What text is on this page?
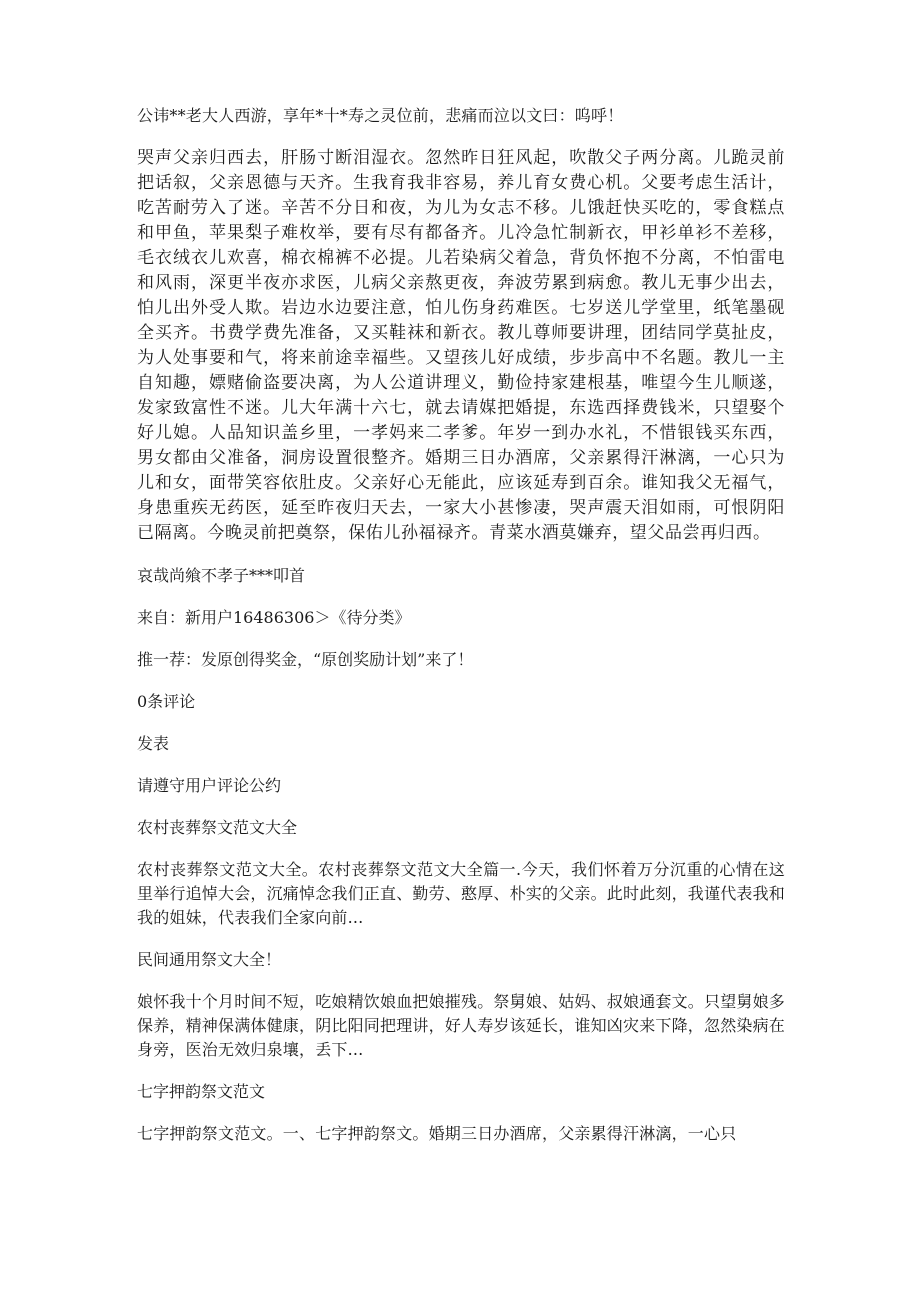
公讳**老大人西游，享年*十*寿之灵位前，悲痛而泣以文曰：呜呼！

哭声父亲归西去，肝肠寸断泪湿衣。忽然昨日狂风起，吹散父子两分离。儿跪灵前把话叙，父亲恩德与天齐。生我育我非容易，养儿育女费心机。父要考虑生活计，吃苦耐劳入了迷。辛苦不分日和夜，为儿为女志不移。儿饿赶快买吃的，零食糕点和甲鱼，苹果梨子难枚举，要有尽有都备齐。儿冷急忙制新衣，甲衫单衫不差移，毛衣绒衣儿欢喜，棉衣棉裤不必提。儿若染病父着急，背负怀抱不分离，不怕雷电和风雨，深更半夜亦求医，儿病父亲熬更夜，奔波劳累到病愈。教儿无事少出去，怕儿出外受人欺。岩边水边要注意，怕儿伤身药难医。七岁送儿学堂里，纸笔墨砚全买齐。书费学费先准备，又买鞋袜和新衣。教儿尊师要讲理，团结同学莫扯皮，为人处事要和气，将来前途幸福些。又望孩儿好成绩，步步高中不名题。教儿一主自知趣，嫖赌偷盗要决离，为人公道讲理义，勤俭持家建根基，唯望今生儿顺遂，发家致富性不迷。儿大年满十六七，就去请媒把婚提，东选西择费钱米，只望娶个好儿媳。人品知识盖乡里，一孝妈来二孝爹。年岁一到办水礼，不惜银钱买东西，男女都由父准备，洞房设置很整齐。婚期三日办酒席，父亲累得汗淋漓，一心只为儿和女，面带笑容依肚皮。父亲好心无能此，应该延寿到百余。谁知我父无福气，身患重疾无药医，延至昨夜归天去，一家大小甚惨凄，哭声震天泪如雨，可恨阴阳已隔离。今晚灵前把奠祭，保佑儿孙福禄齐。青菜水酒莫嫌弃，望父品尝再归西。

哀哉尚飨不孝子***叩首

来自：新用户16486306＞《待分类》

推一荐：发原创得奖金，“原创奖励计划”来了！

0条评论

发表

请遵守用户评论公约

农村丧葬祭文范文大全

农村丧葬祭文范文大全。农村丧葬祭文范文大全篇一.今天，我们怀着万分沉重的心情在这里举行追悼大会，沉痛悼念我们正直、勤劳、憨厚、朴实的父亲。此时此刻，我谨代表我和我的姐妹，代表我们全家向前...

民间通用祭文大全！

娘怀我十个月时间不短，吃娘精饮娘血把娘摧残。祭舅娘、姑妈、叔娘通套文。只望舅娘多保养，精神保满体健康，阴比阳同把理讲，好人寿岁该延长，谁知凶灾来下降，忽然染病在身旁，医治无效归泉壤，丢下...

七字押韵祭文范文

七字押韵祭文范文。一、七字押韵祭文。婚期三日办酒席，父亲累得汗淋漓，一心只
